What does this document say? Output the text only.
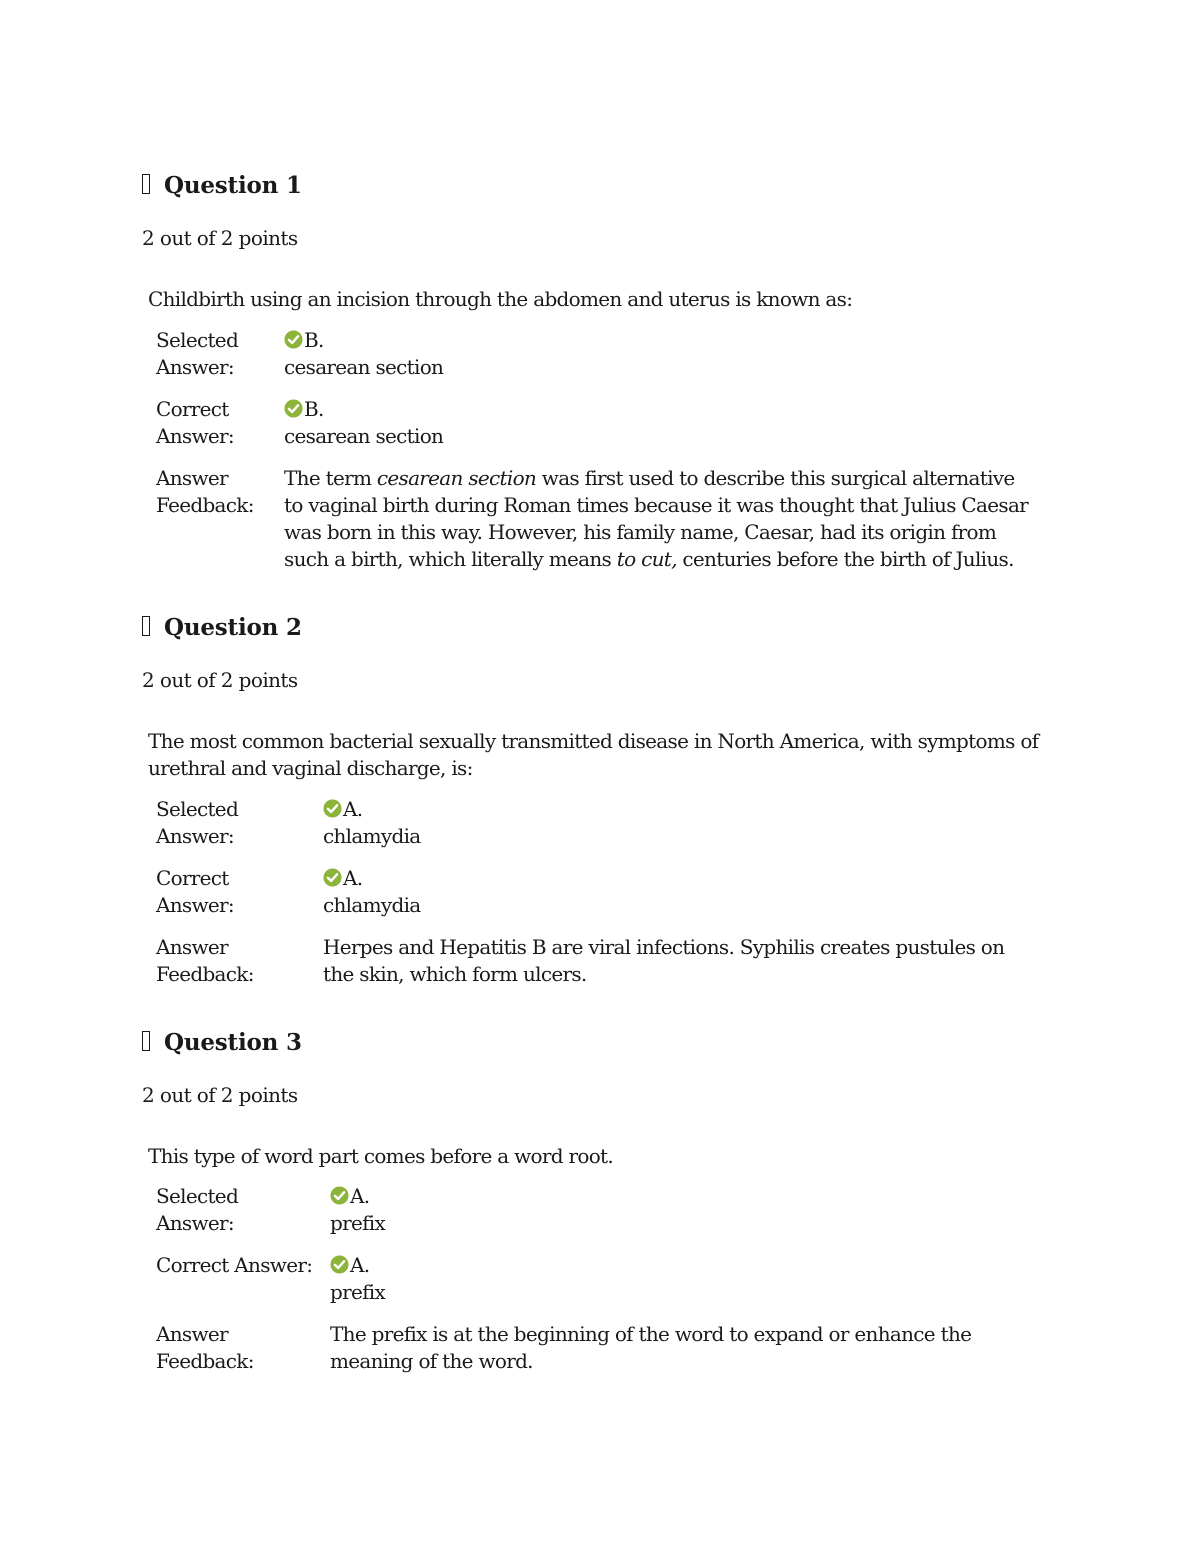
Question 1
2 out of 2 points
Childbirth using an incision through the abdomen and uterus is known as:
Selected Answer:
B.
cesarean section
Correct Answer:
B.
cesarean section
Answer Feedback:
The term cesarean section was first used to describe this surgical alternative to vaginal birth during Roman times because it was thought that Julius Caesar was born in this way. However, his family name, Caesar, had its origin from such a birth, which literally means to cut, centuries before the birth of Julius.
Question 2
2 out of 2 points
The most common bacterial sexually transmitted disease in North America, with symptoms of urethral and vaginal discharge, is:
Selected Answer:
A.
chlamydia
Correct Answer:
A.
chlamydia
Answer Feedback:
Herpes and Hepatitis B are viral infections. Syphilis creates pustules on the skin, which form ulcers.
Question 3
2 out of 2 points
This type of word part comes before a word root.
Selected Answer:
A.
prefix
Correct Answer:	A.
prefix
Answer Feedback:
The prefix is at the beginning of the word to expand or enhance the meaning of the word.
